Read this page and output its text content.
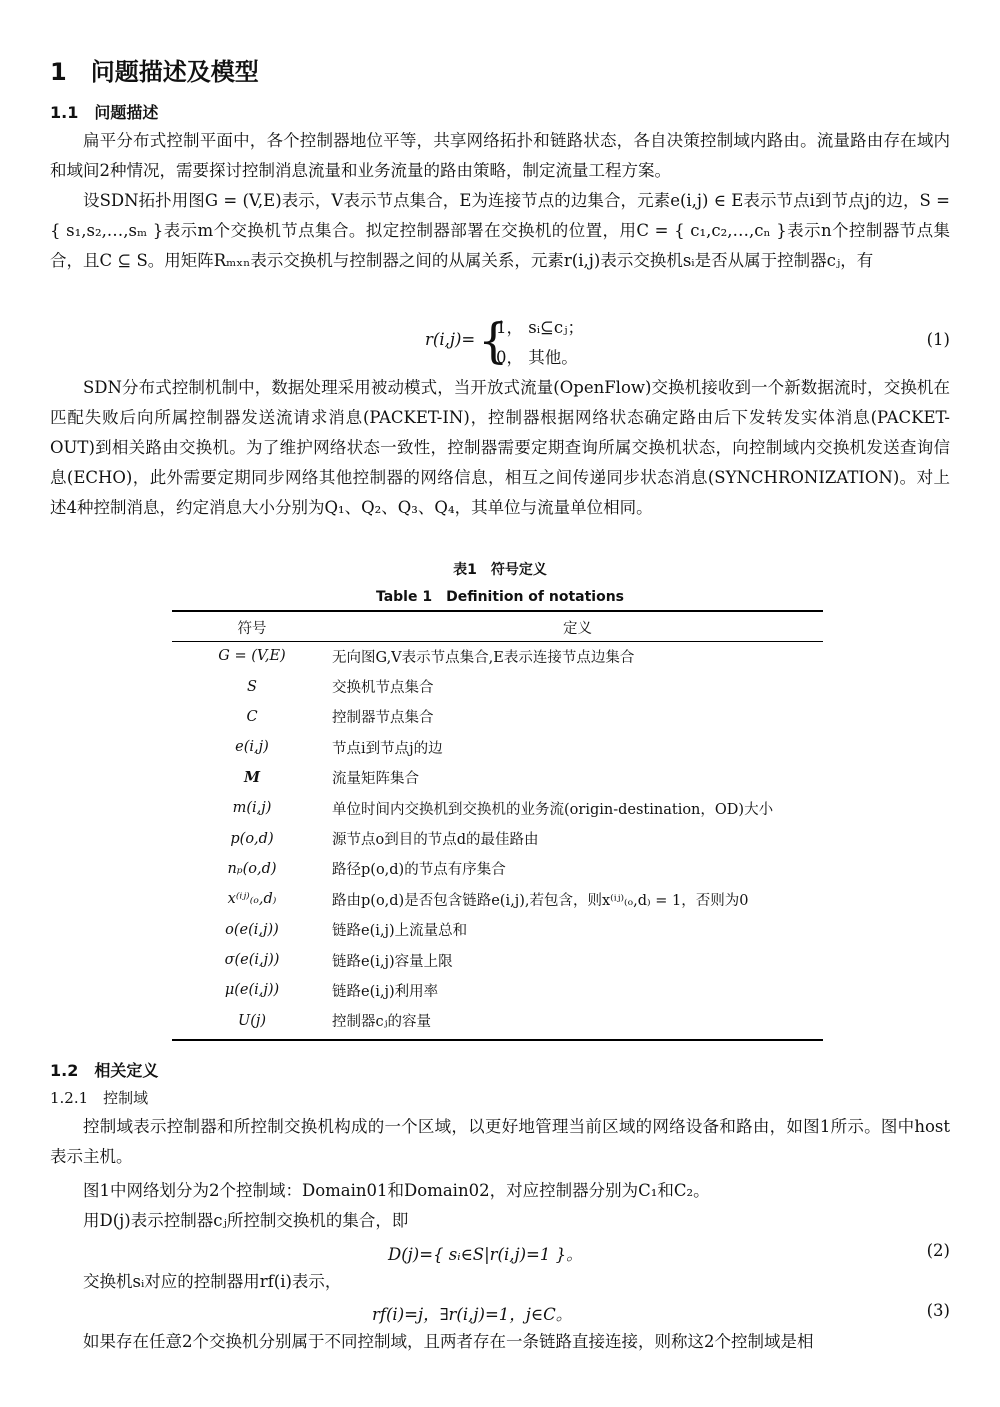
1　问题描述及模型
1.1　问题描述
扁平分布式控制平面中，各个控制器地位平等，共享网络拓扑和链路状态，各自决策控制域内路由。流量路由存在域内和域间2种情况，需要探讨控制消息流量和业务流量的路由策略，制定流量工程方案。
设SDN拓扑用图G = (V,E)表示，V表示节点集合，E为连接节点的边集合，元素e(i,j) ∈ E表示节点i到节点j的边，S = { s₁,s₂,…,sₘ }表示m个交换机节点集合。拟定控制器部署在交换机的位置，用C = { c₁,c₂,…,cₙ }表示n个控制器节点集合，且C ⊆ S。用矩阵Rₘₓₙ表示交换机与控制器之间的从属关系，元素r(i,j)表示交换机sᵢ是否从属于控制器cⱼ，有
r(i,j)= {
1， sᵢ⊆cⱼ；
0， 其他。
(1)
SDN分布式控制机制中，数据处理采用被动模式，当开放式流量(OpenFlow)交换机接收到一个新数据流时，交换机在匹配失败后向所属控制器发送流请求消息(PACKET-IN)，控制器根据网络状态确定路由后下发转发实体消息(PACKET-OUT)到相关路由交换机。为了维护网络状态一致性，控制器需要定期查询所属交换机状态，向控制域内交换机发送查询信息(ECHO)，此外需要定期同步网络其他控制器的网络信息，相互之间传递同步状态消息(SYNCHRONIZATION)。对上述4种控制消息，约定消息大小分别为Q₁、Q₂、Q₃、Q₄，其单位与流量单位相同。
表1　符号定义
Table 1　Definition of notations
符号	定义
G = (V,E)	无向图G,V表示节点集合,E表示连接节点边集合
S	交换机节点集合
C	控制器节点集合
e(i,j)	节点i到节点j的边
M	流量矩阵集合
m(i,j)	单位时间内交换机到交换机的业务流(origin-destination，OD)大小
p(o,d)	源节点o到目的节点d的最佳路由
nₚ(o,d)	路径p(o,d)的节点有序集合
x⁽ⁱʲ⁾₍ₒ,d₎	路由p(o,d)是否包含链路e(i,j),若包含，则x⁽ⁱʲ⁾₍ₒ,d₎ = 1，否则为0
o(e(i,j))	链路e(i,j)上流量总和
σ(e(i,j))	链路e(i,j)容量上限
μ(e(i,j))	链路e(i,j)利用率
U(j)	控制器cⱼ的容量
1.2　相关定义
1.2.1　控制域
控制域表示控制器和所控制交换机构成的一个区域，以更好地管理当前区域的网络设备和路由，如图1所示。图中host表示主机。
图1中网络划分为2个控制域：Domain01和Domain02，对应控制器分别为C₁和C₂。
用D(j)表示控制器cⱼ所控制交换机的集合，即
D(j)={ sᵢ∈S|r(i,j)=1 }。	(2)
交换机sᵢ对应的控制器用rf(i)表示，
rf(i)=j，∃r(i,j)=1，j∈C。	(3)
如果存在任意2个交换机分别属于不同控制域，且两者存在一条链路直接连接，则称这2个控制域是相
